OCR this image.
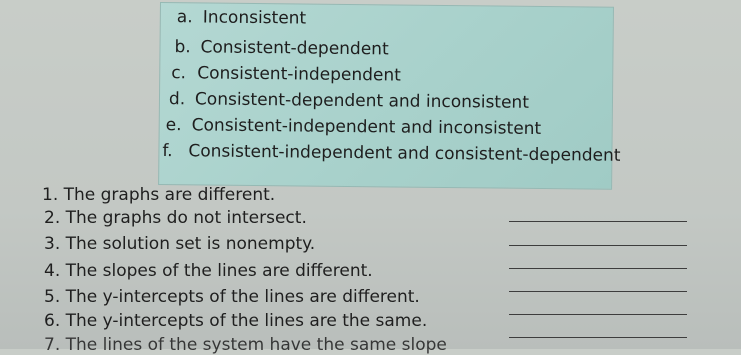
a. Inconsistent
b. Consistent-dependent
c. Consistent-independent
d. Consistent-dependent and inconsistent
e. Consistent-independent and inconsistent
f. Consistent-independent and consistent-dependent
1. The graphs are different.
2. The graphs do not intersect.
3. The solution set is nonempty.
4. The slopes of the lines are different.
5. The y-intercepts of the lines are different.
6. The y-intercepts of the lines are the same.
7. The lines of the system have the same slope
